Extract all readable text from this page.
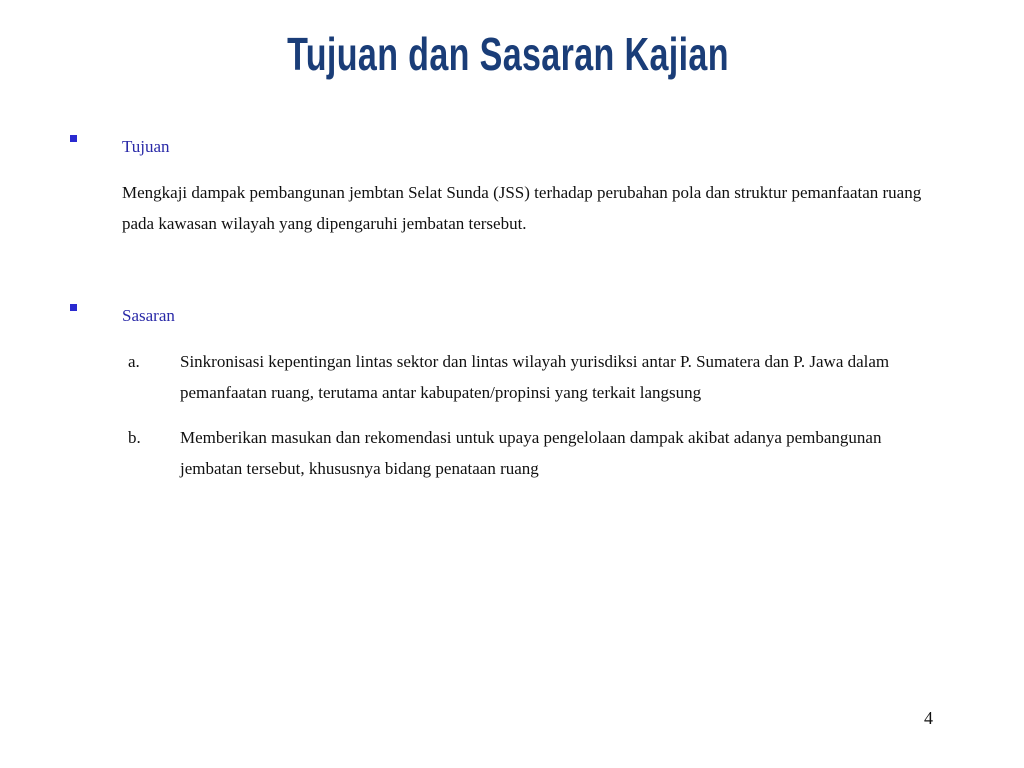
Tujuan dan Sasaran Kajian
Tujuan

Mengkaji dampak pembangunan jembtan Selat Sunda (JSS) terhadap perubahan pola dan struktur pemanfaatan ruang pada kawasan wilayah yang dipengaruhi jembatan tersebut.

Sasaran
a.	Sinkronisasi kepentingan lintas sektor dan lintas wilayah yurisdiksi antar P. Sumatera dan P. Jawa dalam pemanfaatan ruang, terutama antar kabupaten/propinsi yang terkait langsung

b.	Memberikan masukan dan rekomendasi untuk upaya pengelolaan dampak akibat adanya pembangunan jembatan tersebut, khususnya bidang penataan ruang

4
